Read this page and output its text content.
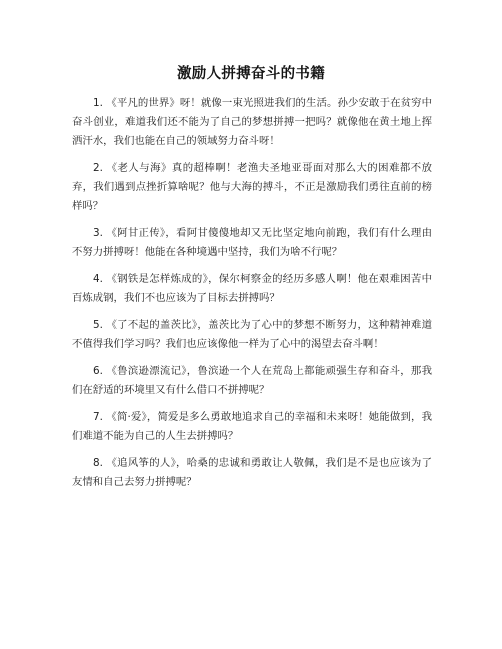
激励人拼搏奋斗的书籍

1. 《平凡的世界》呀！就像一束光照进我们的生活。孙少安敢于在贫穷中奋斗创业，难道我们还不能为了自己的梦想拼搏一把吗？就像他在黄土地上挥洒汗水，我们也能在自己的领域努力奋斗呀！

2. 《老人与海》真的超棒啊！老渔夫圣地亚哥面对那么大的困难都不放弃，我们遇到点挫折算啥呢？他与大海的搏斗，不正是激励我们勇往直前的榜样吗？

3. 《阿甘正传》，看阿甘傻傻地却又无比坚定地向前跑，我们有什么理由不努力拼搏呀！他能在各种境遇中坚持，我们为啥不行呢？

4. 《钢铁是怎样炼成的》，保尔柯察金的经历多感人啊！他在艰难困苦中百炼成钢，我们不也应该为了目标去拼搏吗？

5. 《了不起的盖茨比》，盖茨比为了心中的梦想不断努力，这种精神难道不值得我们学习吗？我们也应该像他一样为了心中的渴望去奋斗啊！

6. 《鲁滨逊漂流记》，鲁滨逊一个人在荒岛上都能顽强生存和奋斗，那我们在舒适的环境里又有什么借口不拼搏呢？

7. 《简·爱》，简爱是多么勇敢地追求自己的幸福和未来呀！她能做到，我们难道不能为自己的人生去拼搏吗？

8. 《追风筝的人》，哈桑的忠诚和勇敢让人敬佩，我们是不是也应该为了友情和自己去努力拼搏呢？
